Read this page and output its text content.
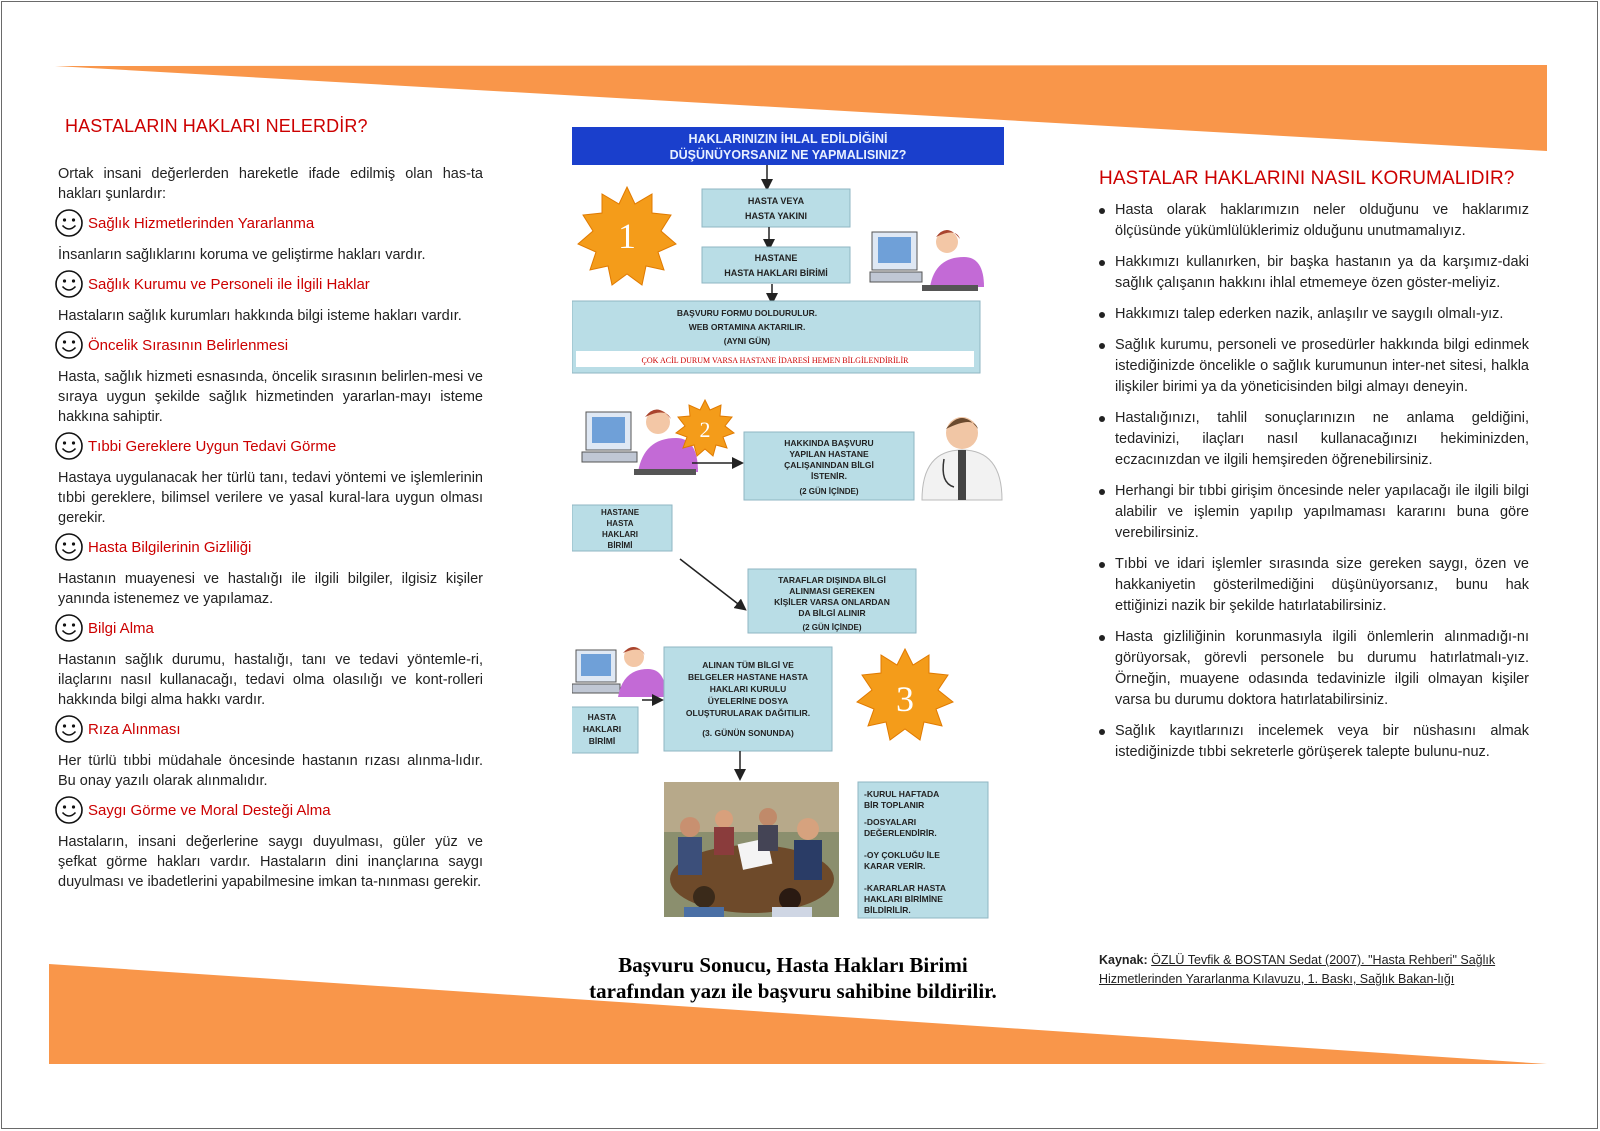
HASTALARIN HAKLARI NELERDİR?

Ortak insani değerlerden hareketle ifade edilmiş olan has-ta hakları şunlardır:

Sağlık Hizmetlerinden Yararlanma

İnsanların sağlıklarını koruma ve geliştirme hakları vardır.

Sağlık Kurumu ve Personeli ile İlgili Haklar

Hastaların sağlık kurumları hakkında bilgi isteme hakları vardır.

Öncelik Sırasının Belirlenmesi

Hasta, sağlık hizmeti esnasında, öncelik sırasının belirlen-mesi ve sıraya uygun şekilde sağlık hizmetinden yararlan-mayı isteme hakkına sahiptir.

Tıbbi Gereklere Uygun Tedavi Görme

Hastaya uygulanacak her türlü tanı, tedavi yöntemi ve işlemlerinin tıbbi gereklere, bilimsel verilere ve yasal kural-lara uygun olması gerekir.

Hasta Bilgilerinin Gizliliği

Hastanın muayenesi ve hastalığı ile ilgili bilgiler, ilgisiz kişiler yanında istenemez ve yapılamaz.

Bilgi Alma

Hastanın sağlık durumu, hastalığı, tanı ve tedavi yöntemle-ri, ilaçlarını nasıl kullanacağı, tedavi olma olasılığı ve kont-rolleri hakkında bilgi alma hakkı vardır.

Rıza Alınması

Her türlü tıbbi müdahale öncesinde hastanın rızası alınma-lıdır. Bu onay yazılı olarak alınmalıdır.

Saygı Görme ve Moral Desteği Alma

Hastaların, insani değerlerine saygı duyulması, güler yüz ve şefkat görme hakları vardır. Hastaların dini inançlarına saygı duyulması ve ibadetlerini yapabilmesine imkan ta-nınması gerekir.

HAKLARINIZIN İHLAL EDİLDİĞİNİ
DÜŞÜNÜYORSANIZ NE YAPMALISINIZ?
1
HASTA VEYA
HASTA YAKINI
HASTANE
HASTA HAKLARI BİRİMİ
BAŞVURU FORMU DOLDURULUR.
WEB ORTAMINA AKTARILIR.
(AYNI GÜN)
ÇOK ACİL DURUM VARSA HASTANE İDARESİ HEMEN BİLGİLENDİRİLİR
2
HAKKINDA BAŞVURU
YAPILAN HASTANE
ÇALIŞANINDAN BİLGİ
İSTENİR.
(2 GÜN İÇİNDE)
HASTANE
HASTA
HAKLARI
BİRİMİ
TARAFLAR DIŞINDA BİLGİ
ALINMASI GEREKEN
KİŞİLER VARSA ONLARDAN
DA BİLGİ ALINIR
(2 GÜN İÇİNDE)
HASTA
HAKLARI
BİRİMİ
ALINAN TÜM BİLGİ VE
BELGELER HASTANE HASTA
HAKLARI KURULU
ÜYELERİNE DOSYA
OLUŞTURULARAK DAĞITILIR.
(3. GÜNÜN SONUNDA)
3
-KURUL HAFTADA
BİR TOPLANIR
-DOSYALARI
DEĞERLENDİRİR.
-OY ÇOKLUĞU İLE
KARAR VERİR.
-KARARLAR HASTA
HAKLARI BİRİMİNE
BİLDİRİLİR.
Başvuru Sonucu, Hasta Hakları Birimi
tarafından yazı ile başvuru sahibine bildirilir.
HASTALAR HAKLARINI NASIL KORUMALIDIR?
Hasta olarak haklarımızın neler olduğunu ve haklarımız ölçüsünde yükümlülüklerimiz olduğunu unutmamalıyız.
Hakkımızı kullanırken, bir başka hastanın ya da karşımız-daki sağlık çalışanın hakkını ihlal etmemeye özen göster-meliyiz.
Hakkımızı talep ederken nazik, anlaşılır ve saygılı olmalı-yız.
Sağlık kurumu, personeli ve prosedürler hakkında bilgi edinmek istediğinizde öncelikle o sağlık kurumunun inter-net sitesi, halkla ilişkiler birimi ya da yöneticisinden bilgi almayı deneyin.
Hastalığınızı, tahlil sonuçlarınızın ne anlama geldiğini, tedavinizi, ilaçları nasıl kullanacağınızı hekiminizden, eczacınızdan ve ilgili hemşireden öğrenebilirsiniz.
Herhangi bir tıbbi girişim öncesinde neler yapılacağı ile ilgili bilgi alabilir ve işlemin yapılıp yapılmaması kararını buna göre verebilirsiniz.
Tıbbi ve idari işlemler sırasında size gereken saygı, özen ve hakkaniyetin gösterilmediğini düşünüyorsanız, bunu hak ettiğinizi nazik bir şekilde hatırlatabilirsiniz.
Hasta gizliliğinin korunmasıyla ilgili önlemlerin alınmadığı-nı görüyorsak, görevli personele bu durumu hatırlatmalı-yız. Örneğin, muayene odasında tedavinizle ilgili olmayan kişiler varsa bu durumu doktora hatırlatabilirsiniz.
Sağlık kayıtlarınızı incelemek veya bir nüshasını almak istediğinizde tıbbi sekreterle görüşerek talepte bulunu-nuz.
Kaynak: ÖZLÜ Tevfik & BOSTAN Sedat (2007). "Hasta Rehberi" Sağlık Hizmetlerinden Yararlanma Kılavuzu, 1. Baskı, Sağlık Bakan-lığı
